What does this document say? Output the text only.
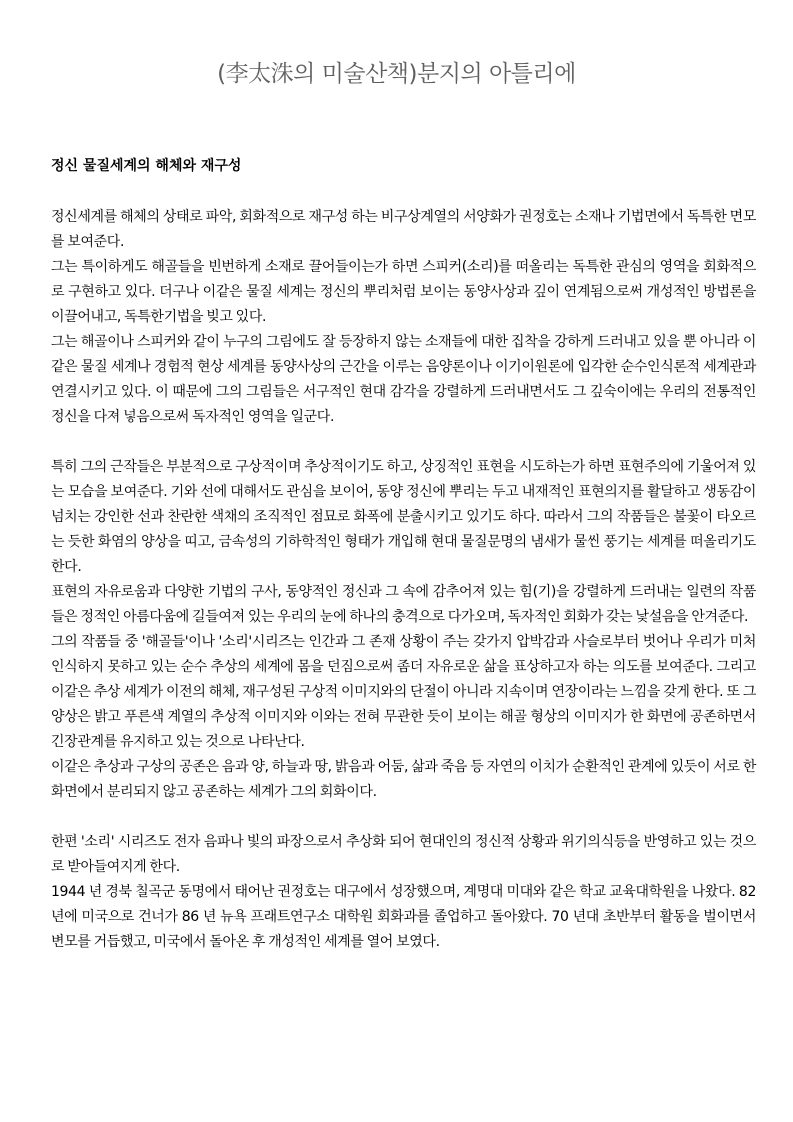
(李太洙의 미술산책)분지의 아틀리에
정신 물질세계의 해체와 재구성

정신세계를 해체의 상태로 파악, 회화적으로 재구성 하는 비구상계열의 서양화가 권정호는 소재나 기법면에서 독특한 면모를 보여준다.

그는 특이하게도 해골들을 빈번하게 소재로 끌어들이는가 하면 스피커(소리)를 떠올리는 독특한 관심의 영역을 회화적으로 구현하고 있다. 더구나 이같은 물질 세계는 정신의 뿌리처럼 보이는 동양사상과 깊이 연계됨으로써 개성적인 방법론을 이끌어내고, 독특한기법을 빚고 있다.

그는 해골이나 스피커와 같이 누구의 그림에도 잘 등장하지 않는 소재들에 대한 집착을 강하게 드러내고 있을 뿐 아니라 이같은 물질 세계나 경험적 현상 세계를 동양사상의 근간을 이루는 음양론이나 이기이원론에 입각한 순수인식론적 세계관과 연결시키고 있다. 이 때문에 그의 그림들은 서구적인 현대 감각을 강렬하게 드러내면서도 그 깊숙이에는 우리의 전통적인 정신을 다져 넣음으로써 독자적인 영역을 일군다.

특히 그의 근작들은 부분적으로 구상적이며 추상적이기도 하고, 상징적인 표현을 시도하는가 하면 표현주의에 기울어져 있는 모습을 보여준다. 기와 선에 대해서도 관심을 보이어, 동양 정신에 뿌리는 두고 내재적인 표현의지를 활달하고 생동감이 넘치는 강인한 선과 찬란한 색채의 조직적인 점묘로 화폭에 분출시키고 있기도 하다. 따라서 그의 작품들은 불꽃이 타오르는 듯한 화염의 양상을 띠고, 금속성의 기하학적인 형태가 개입해 현대 물질문명의 냄새가 물씬 풍기는 세계를 떠올리기도 한다.

표현의 자유로움과 다양한 기법의 구사, 동양적인 정신과 그 속에 감추어져 있는 힘(기)을 강렬하게 드러내는 일련의 작품들은 정적인 아름다움에 길들여져 있는 우리의 눈에 하나의 충격으로 다가오며, 독자적인 회화가 갖는 낯설음을 안겨준다.

그의 작품들 중 '해골들'이나 '소리'시리즈는 인간과 그 존재 상황이 주는 갖가지 압박감과 사슬로부터 벗어나 우리가 미처 인식하지 못하고 있는 순수 추상의 세계에 몸을 던짐으로써 좀더 자유로운 삶을 표상하고자 하는 의도를 보여준다. 그리고 이같은 추상 세계가 이전의 해체, 재구성된 구상적 이미지와의 단절이 아니라 지속이며 연장이라는 느낌을 갖게 한다. 또 그 양상은 밝고 푸른색 계열의 추상적 이미지와 이와는 전혀 무관한 듯이 보이는 해골 형상의 이미지가 한 화면에 공존하면서 긴장관계를 유지하고 있는 것으로 나타난다.

이같은 추상과 구상의 공존은 음과 양, 하늘과 땅, 밝음과 어둠, 삶과 죽음 등 자연의 이치가 순환적인 관계에 있듯이 서로 한 화면에서 분리되지 않고 공존하는 세계가 그의 회화이다.

한편 '소리' 시리즈도 전자 음파나 빛의 파장으로서 추상화 되어 현대인의 정신적 상황과 위기의식등을 반영하고 있는 것으로 받아들여지게 한다.

1944 년 경북 칠곡군 동명에서 태어난 권정호는 대구에서 성장했으며, 계명대 미대와 같은 학교 교육대학원을 나왔다. 82 년에 미국으로 건너가 86 년 뉴욕 프래트연구소 대학원 회화과를 졸업하고 돌아왔다. 70 년대 초반부터 활동을 벌이면서 변모를 거듭했고, 미국에서 돌아온 후 개성적인 세계를 열어 보였다.
